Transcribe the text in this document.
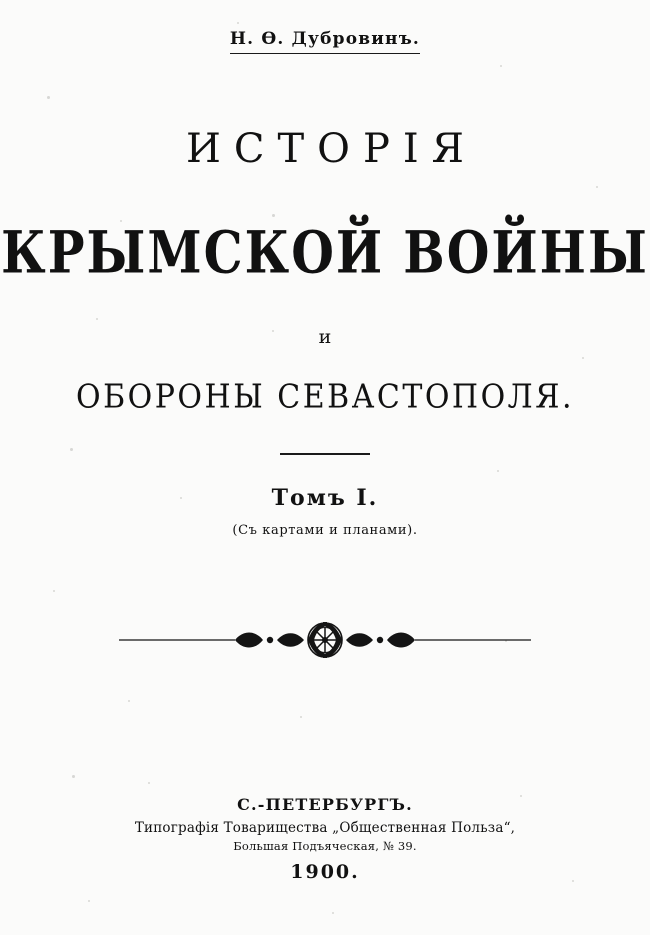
Н. Ѳ. Дубровинъ.
ИСТОРІЯ
КРЫМСКОЙ ВОЙНЫ
и
ОБОРОНЫ СЕВАСТОПОЛЯ.
Томъ I.
(Съ картами и планами).
С.-ПЕТЕРБУРГЪ.
Типографія Товарищества „Общественная Польза“,
Большая Подъяческая, № 39.
1900.
